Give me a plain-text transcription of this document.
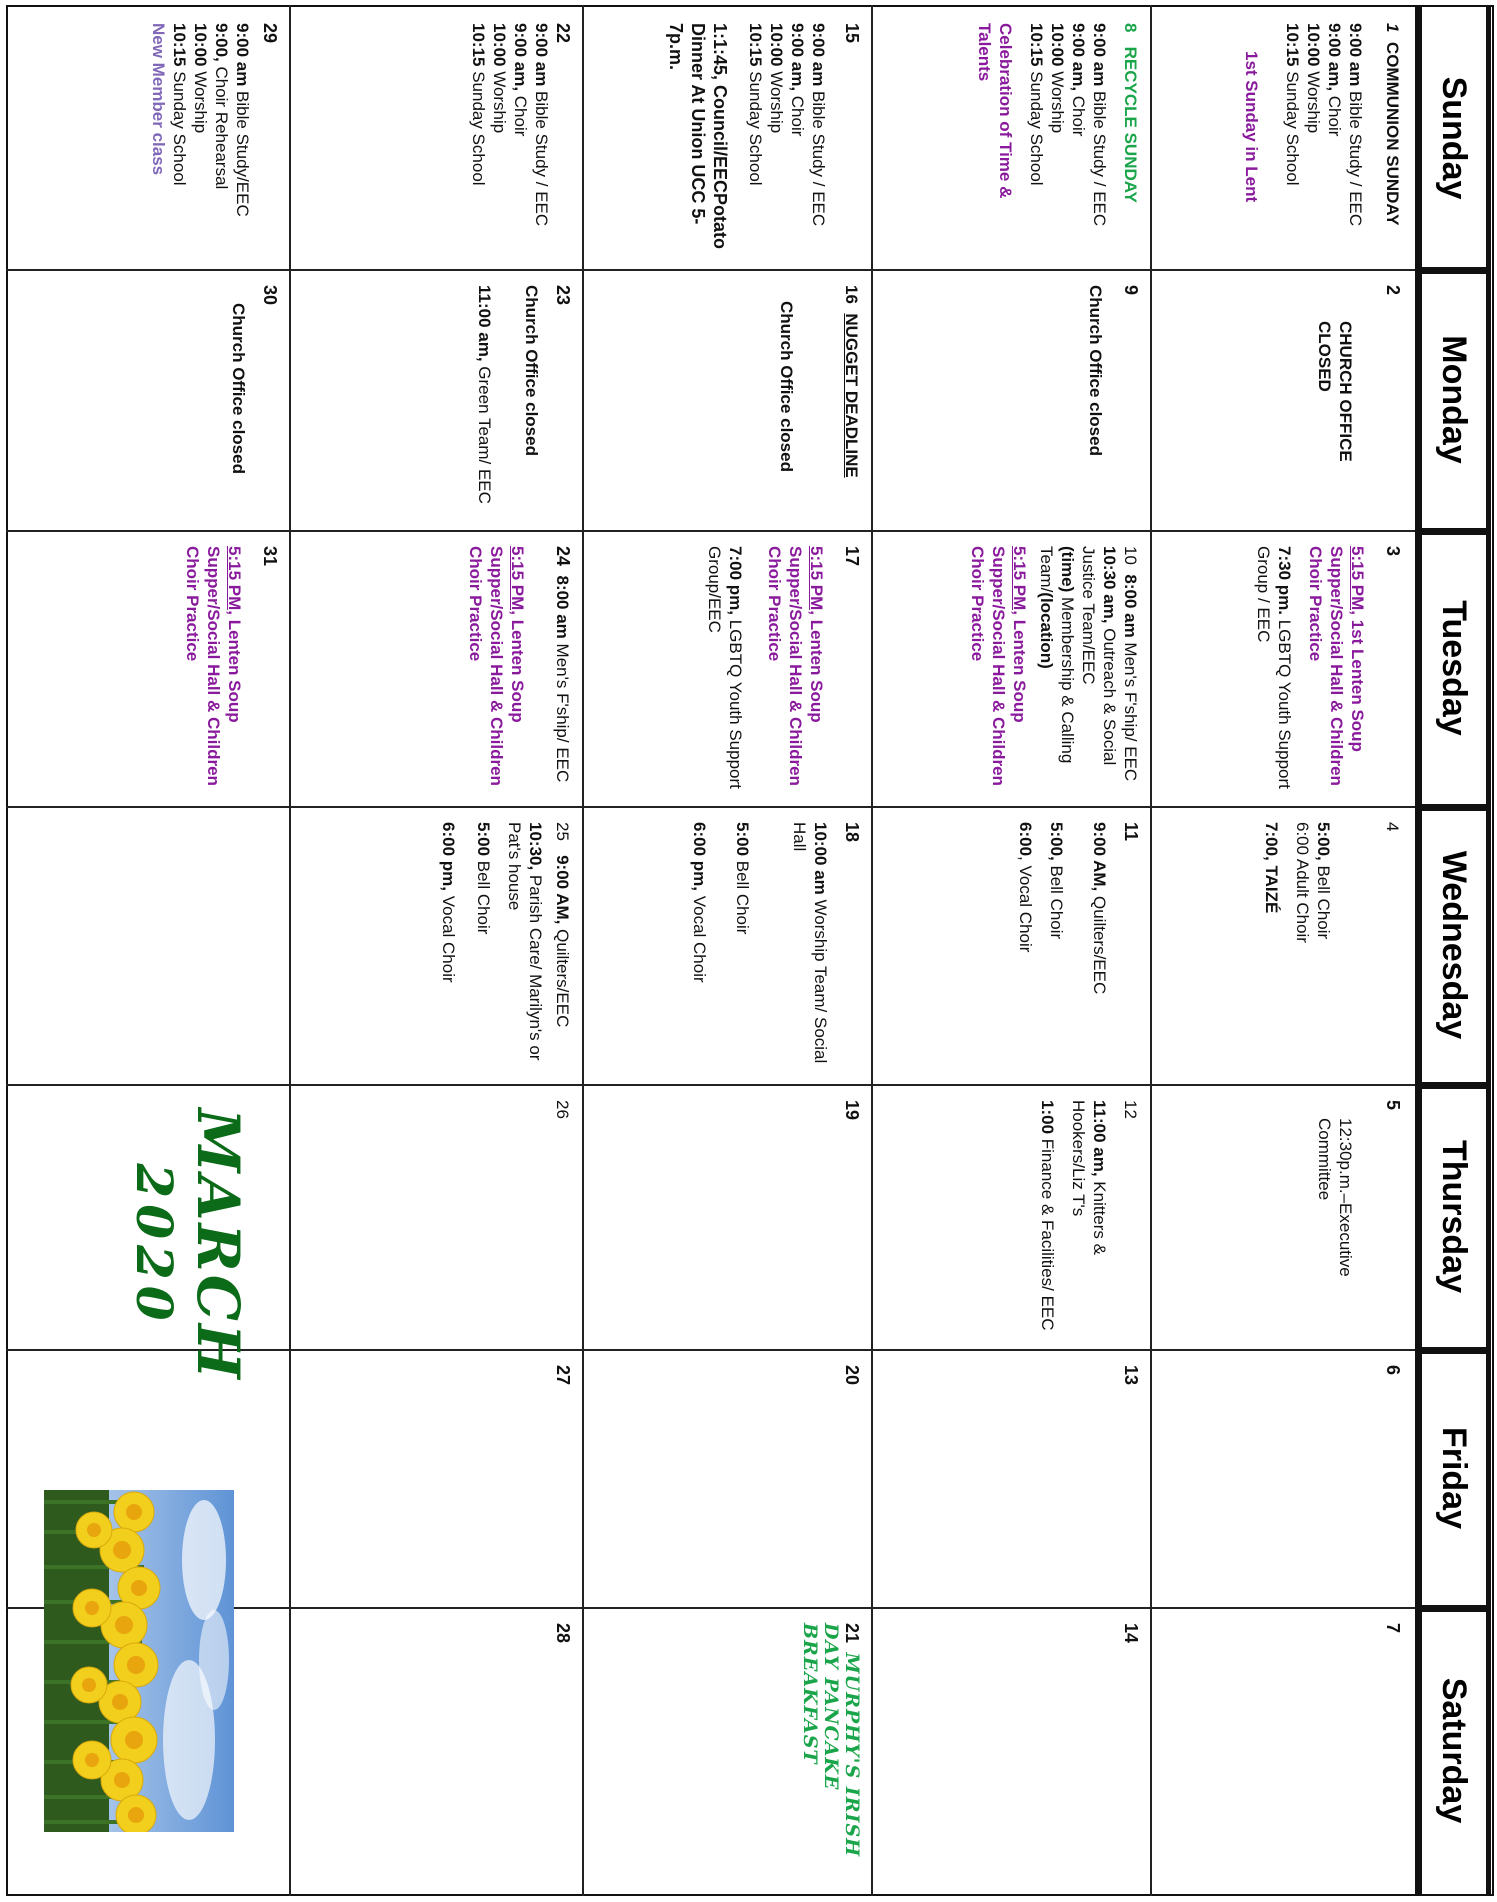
Sunday
Monday
Tuesday
Wednesday
Thursday
Friday
Saturday
1  COMMUNION SUNDAY
9:00 am Bible Study / EEC
9:00 am, Choir
10:00 Worship
10:15 Sunday School
1st Sunday in Lent
2
CHURCH OFFICE CLOSED
3
5:15 PM, 1st Lenten Soup Supper/Social Hall & Children Choir Practice
7:30 pm. LGBTQ Youth Support Group / EEC
4
5:00, Bell Choir
6:00 Adult Choir
7:00, TAIZÉ
5
12:30p.m.–Executive Committee
6
7
8   RECYCLE SUNDAY
9:00 am Bible Study / EEC
9:00 am, Choir
10:00 Worship
10:15 Sunday School
Celebration of Time & Talents
9
Church Office closed
10  8:00 am Men's F'ship/ EEC
10:30 am, Outreach & Social Justice Team/EEC
(time) Membership & Calling Team/(location)
5:15 PM, Lenten Soup Supper/Social Hall & Children Choir Practice
11
9:00 AM, Quilters/EEC
5:00, Bell Choir
6:00, Vocal Choir
12
11:00 am, Knitters & Hookers/Liz T's
1:00 Finance & Facilities/ EEC
13
14
15
9:00 am Bible Study / EEC
9:00 am, Choir
10:00 Worship
10:15 Sunday School
1:1:45, Council/EECPotato Dinner At Union UCC 5-7p.m.
16  NUGGET DEADLINE
Church Office closed
17
5:15 PM, Lenten Soup Supper/Social Hall & Children Choir Practice
7:00 pm, LGBTQ Youth Support Group/EEC
18
10:00 am Worship Team/ Social Hall
5:00 Bell Choir
6:00 pm, Vocal Choir
19
20
21  MURPHY'S IRISH DAY PANCAKE BREAKFAST
22
9:00 am Bible Study / EEC
9:00 am, Choir
10:00 Worship
10:15 Sunday School
23
Church Office closed
11:00 am, Green Team/ EEC
24  8:00 am Men's F'ship/ EEC
5:15 PM, Lenten Soup Supper/Social Hall & Children Choir Practice
25   9:00 AM, Quilters/EEC
10:30, Parish Care/ Marilyn's or Pat's house
5:00 Bell Choir
6:00 pm, Vocal Choir
26
27
28
29
9:00 am Bible Study/EEC
9:00, Choir Rehearsal
10:00 Worship
10:15 Sunday School
New Member class
30
Church Office closed
31
5:15 PM, Lenten Soup Supper/Social Hall & Children Choir Practice
MARCH
2020
